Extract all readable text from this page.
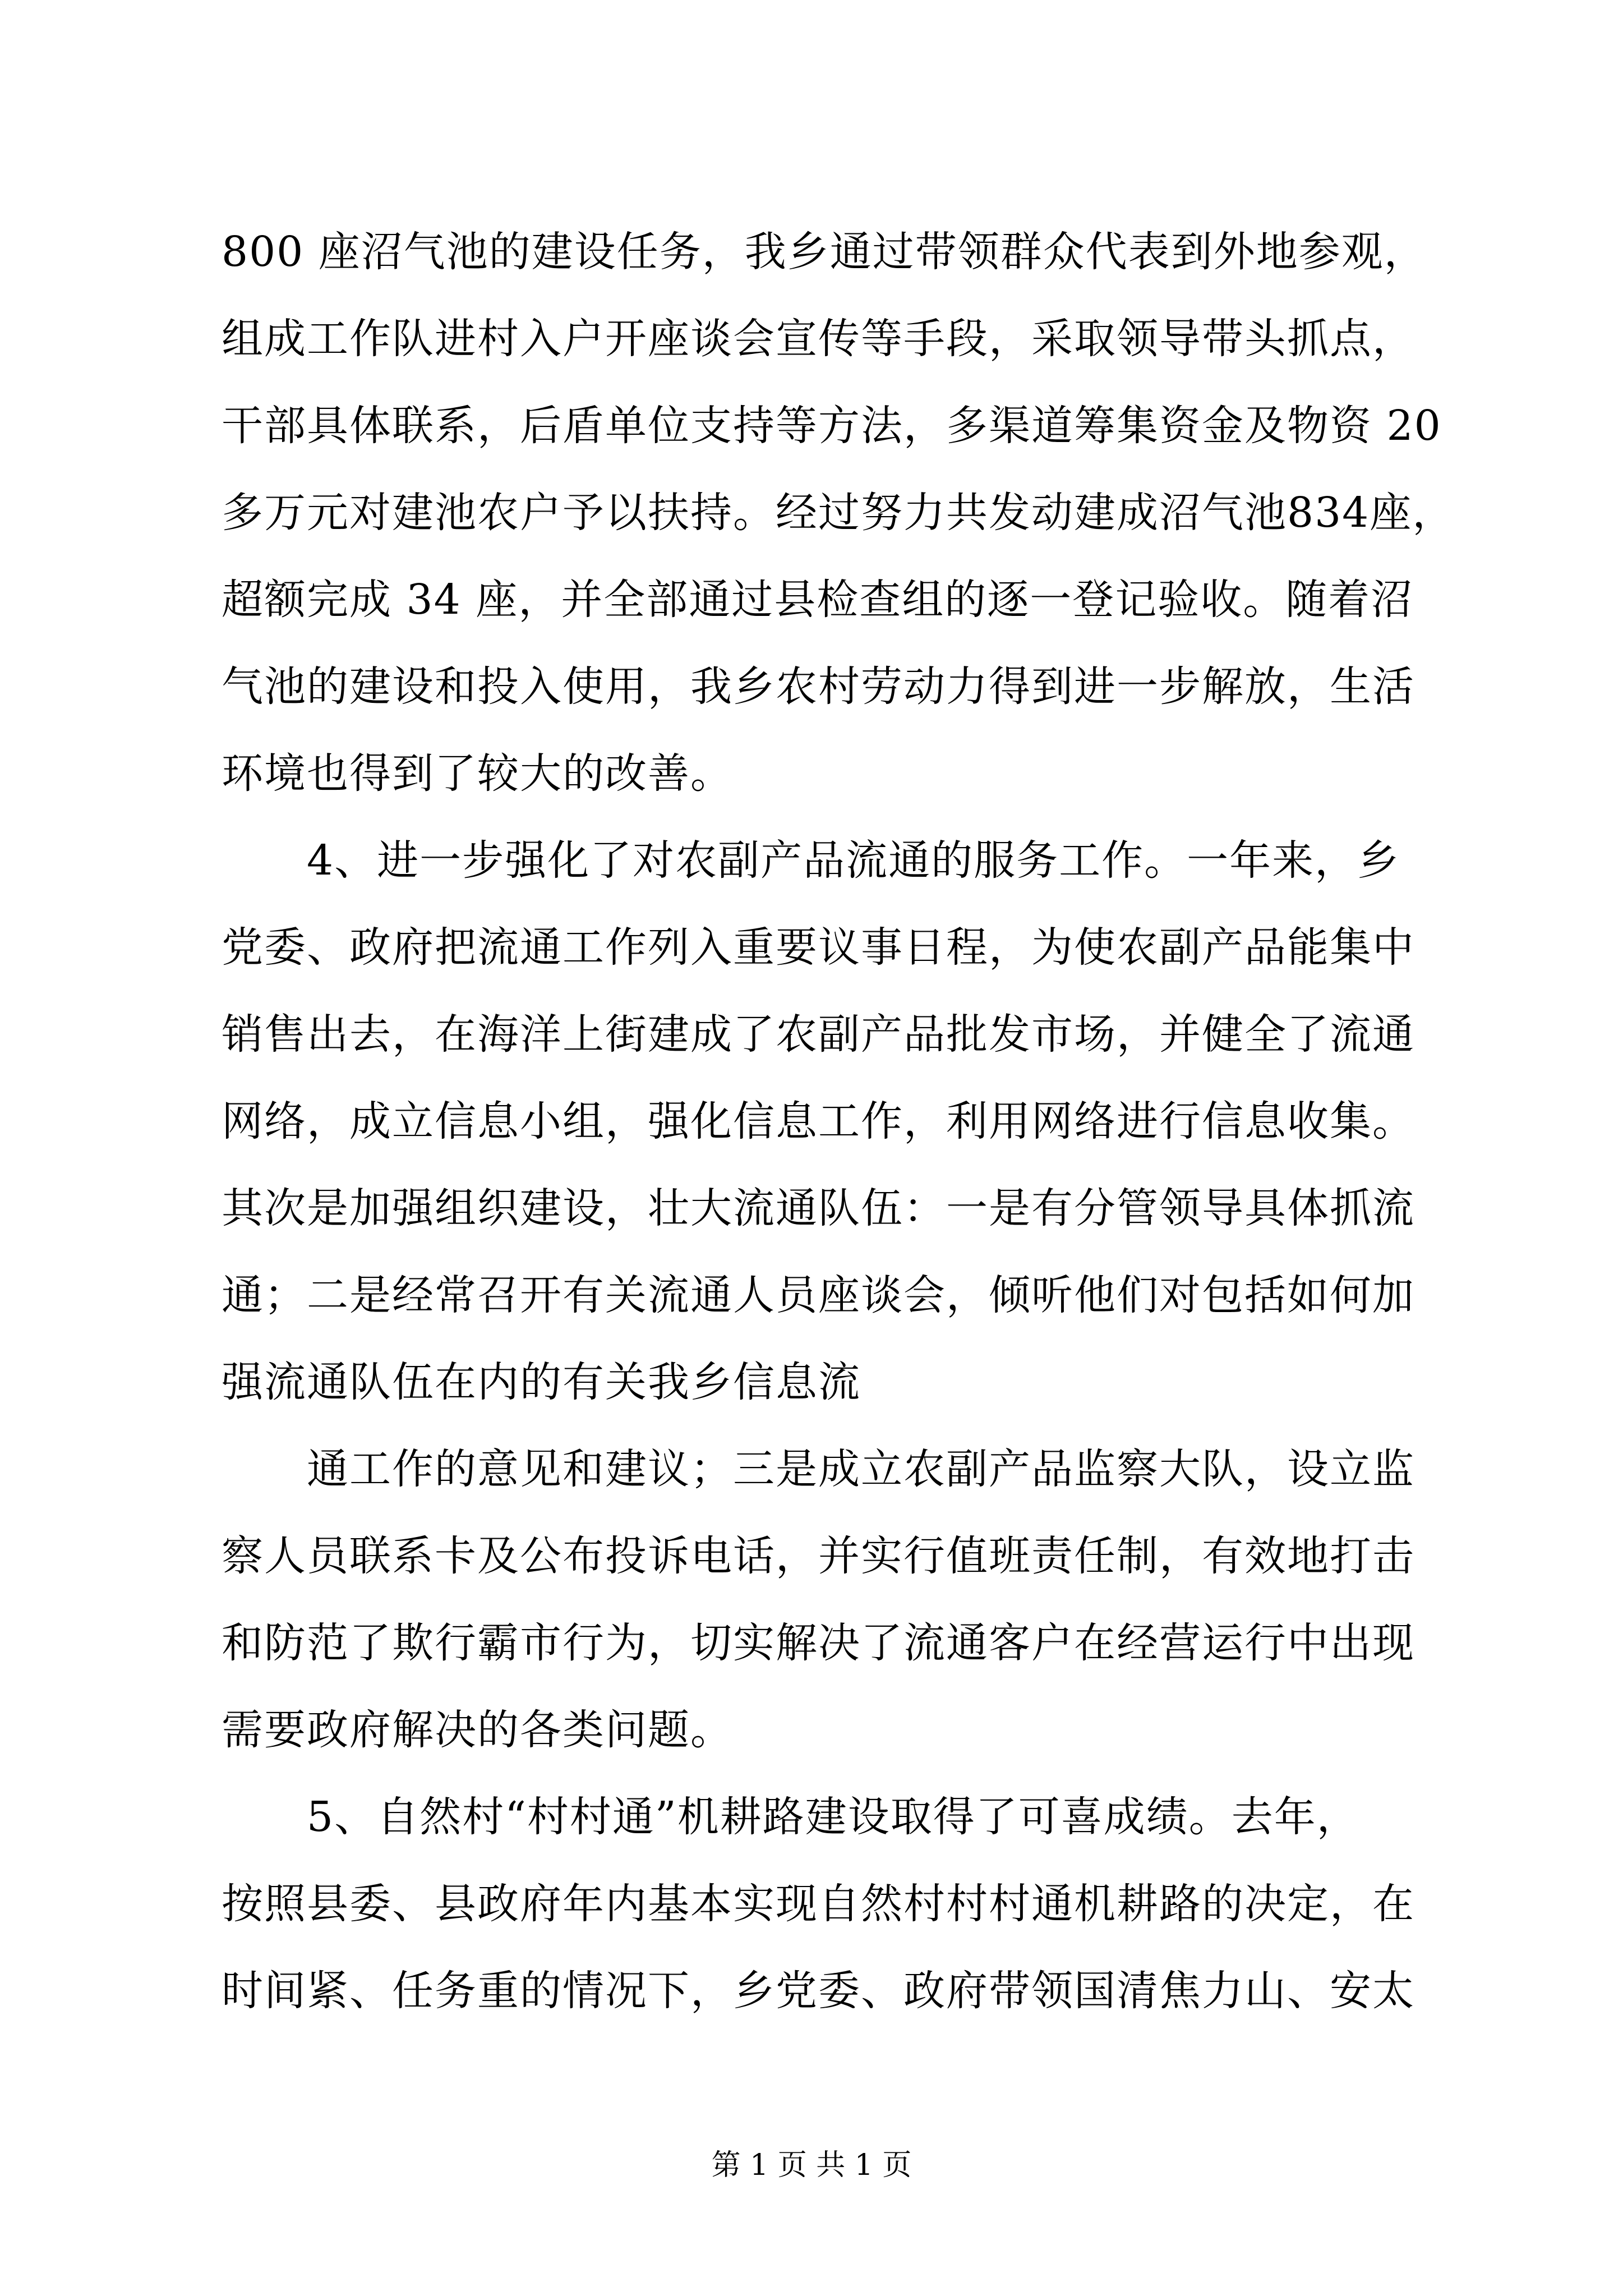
800 座沼气池的建设任务，我乡通过带领群众代表到外地参观，

组成工作队进村入户开座谈会宣传等手段，采取领导带头抓点，

干部具体联系，后盾单位支持等方法，多渠道筹集资金及物资 20

多万元对建池农户予以扶持。经过努力共发动建成沼气池834座，

超额完成 34 座，并全部通过县检查组的逐一登记验收。随着沼

气池的建设和投入使用，我乡农村劳动力得到进一步解放，生活

环境也得到了较大的改善。

　　4、进一步强化了对农副产品流通的服务工作。一年来，乡

党委、政府把流通工作列入重要议事日程，为使农副产品能集中

销售出去，在海洋上街建成了农副产品批发市场，并健全了流通

网络，成立信息小组，强化信息工作，利用网络进行信息收集。

其次是加强组织建设，壮大流通队伍：一是有分管领导具体抓流

通；二是经常召开有关流通人员座谈会，倾听他们对包括如何加

强流通队伍在内的有关我乡信息流

　　通工作的意见和建议；三是成立农副产品监察大队，设立监

察人员联系卡及公布投诉电话，并实行值班责任制，有效地打击

和防范了欺行霸市行为，切实解决了流通客户在经营运行中出现

需要政府解决的各类问题。

　　5、自然村“村村通”机耕路建设取得了可喜成绩。去年，

按照县委、县政府年内基本实现自然村村村通机耕路的决定，在

时间紧、任务重的情况下，乡党委、政府带领国清焦力山、安太

第 1 页 共 1 页
